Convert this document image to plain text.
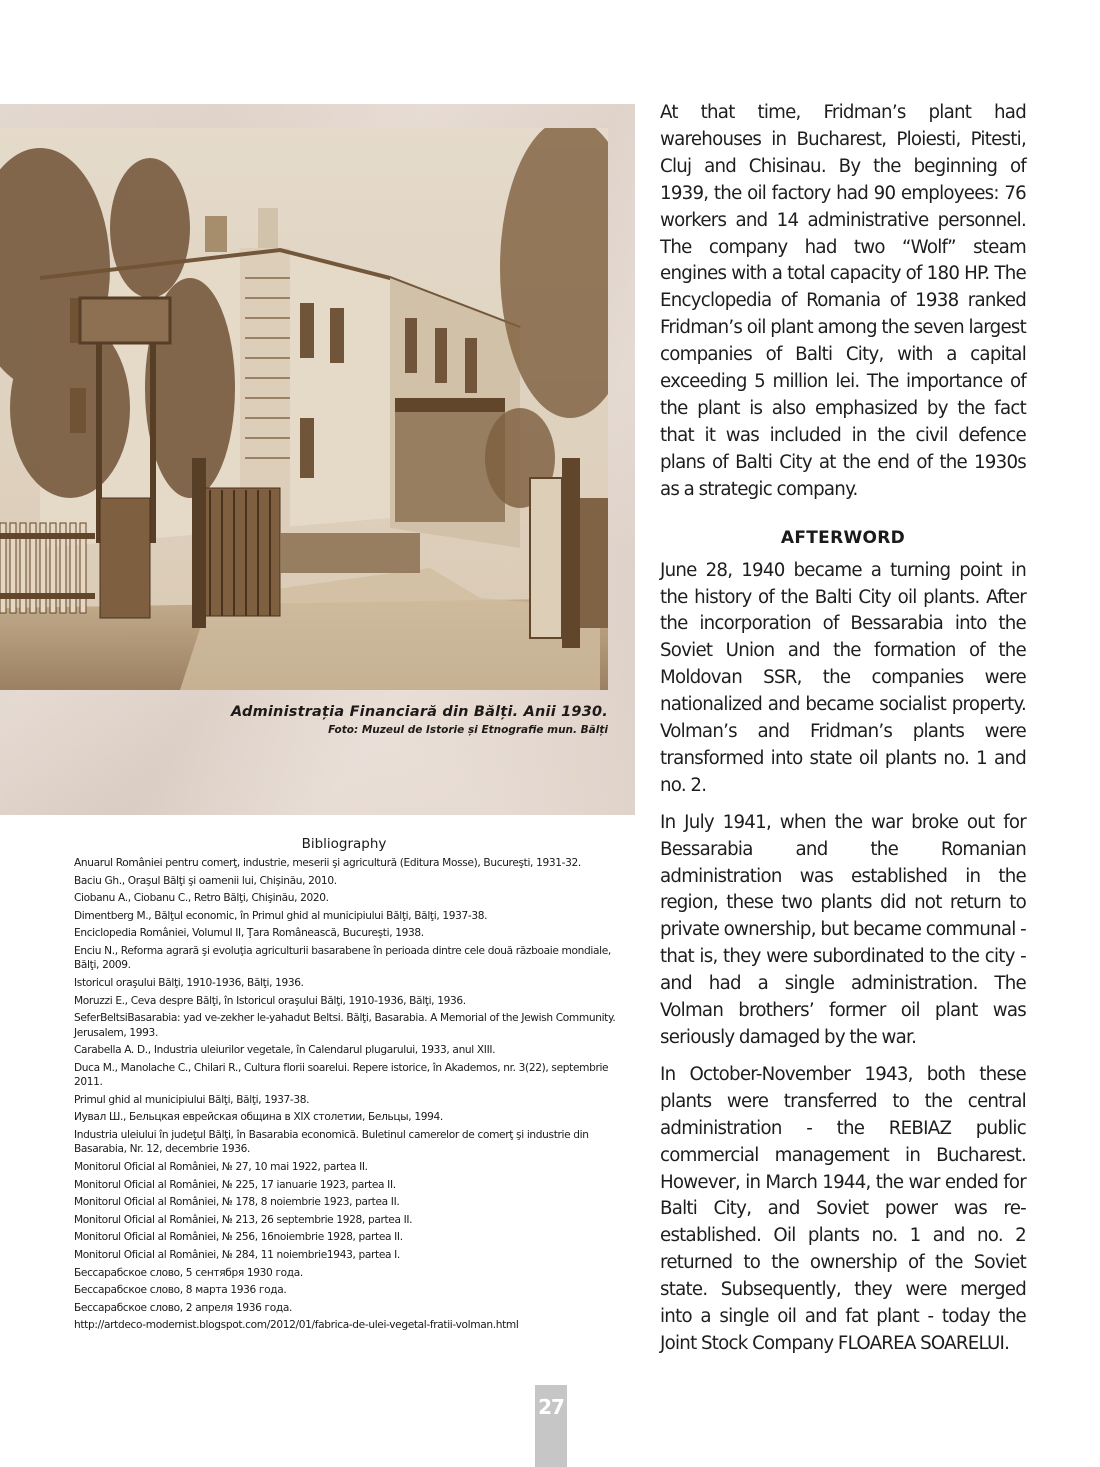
Administrația Financiară din Bălți. Anii 1930.
Foto: Muzeul de Istorie și Etnografie mun. Bălți
Bibliography
Anuarul României pentru comerţ, industrie, meserii şi agricultură (Editura Mosse), Bucureşti, 1931-32.
Baciu Gh., Oraşul Bălţi şi oamenii lui, Chişinău, 2010.
Ciobanu A., Ciobanu C., Retro Bălţi, Chişinău, 2020.
Dimentberg M., Bălţul economic, în Primul ghid al municipiului Bălţi, Bălţi, 1937-38.
Enciclopedia României, Volumul II, Ţara Românească, Bucureşti, 1938.
Enciu N., Reforma agrară şi evoluţia agriculturii basarabene în perioada dintre cele două războaie mondiale, Bălţi, 2009.
Istoricul oraşului Bălţi, 1910-1936, Bălţi, 1936.
Moruzzi E., Ceva despre Bălţi, în Istoricul oraşului Bălţi, 1910-1936, Bălţi, 1936.
SeferBeltsiBasarabia: yad ve-zekher le-yahadut Beltsi. Bălţi, Basarabia. A Memorial of the Jewish Community. Jerusalem, 1993.
Carabella A. D., Industria uleiurilor vegetale, în Calendarul plugarului, 1933, anul XIII.
Duca M., Manolache C., Chilari R., Cultura florii soarelui. Repere istorice, în Akademos, nr. 3(22), septembrie 2011.
Primul ghid al municipiului Bălţi, Bălţi, 1937-38.
Иувал Ш., Бельцкая еврейская община в XIX столетии, Бельцы, 1994.
Industria uleiului în judeţul Bălţi, în Basarabia economică. Buletinul camerelor de comerţ şi industrie din Basarabia, Nr. 12, decembrie 1936.
Monitorul Oficial al României, № 27, 10 mai 1922, partea II.
Monitorul Oficial al României, № 225, 17 ianuarie 1923, partea II.
Monitorul Oficial al României, № 178, 8 noiembrie 1923, partea II.
Monitorul Oficial al României, № 213, 26 septembrie 1928, partea II.
Monitorul Oficial al României, № 256, 16noiembrie 1928, partea II.
Monitorul Oficial al României, № 284, 11 noiembrie1943, partea I.
Бессарабское слово, 5 сентября 1930 года.
Бессарабское слово, 8 марта 1936 года.
Бессарабское слово, 2 апреля 1936 года.
http://artdeco-modernist.blogspot.com/2012/01/fabrica-de-ulei-vegetal-fratii-volman.html

At that time, Fridman’s plant had warehouses in Bucharest, Ploiesti, Pitesti, Cluj and Chisinau. By the beginning of 1939, the oil factory had 90 employees: 76 workers and 14 administrative personnel. The company had two “Wolf” steam engines with a total capacity of 180 HP. The Encyclopedia of Romania of 1938 ranked Fridman’s oil plant among the seven largest companies of Balti City, with a capital exceeding 5 million lei. The importance of the plant is also emphasized by the fact that it was included in the civil defence plans of Balti City at the end of the 1930s as a strategic company.

AFTERWORD

June 28, 1940 became a turning point in the history of the Balti City oil plants. After the incorporation of Bessarabia into the Soviet Union and the formation of the Moldovan SSR, the companies were nationalized and became socialist property. Volman’s and Fridman’s plants were transformed into state oil plants no. 1 and no. 2.

In July 1941, when the war broke out for Bessarabia and the Romanian administration was established in the region, these two plants did not return to private ownership, but became communal - that is, they were subordinated to the city - and had a single administration. The Volman brothers’ former oil plant was seriously damaged by the war.

In October-November 1943, both these plants were transferred to the central administration - the REBIAZ public commercial management in Bucharest. However, in March 1944, the war ended for Balti City, and Soviet power was re-established. Oil plants no. 1 and no. 2 returned to the ownership of the Soviet state. Subsequently, they were merged into a single oil and fat plant - today the Joint Stock Company FLOAREA SOARELUI.

27
